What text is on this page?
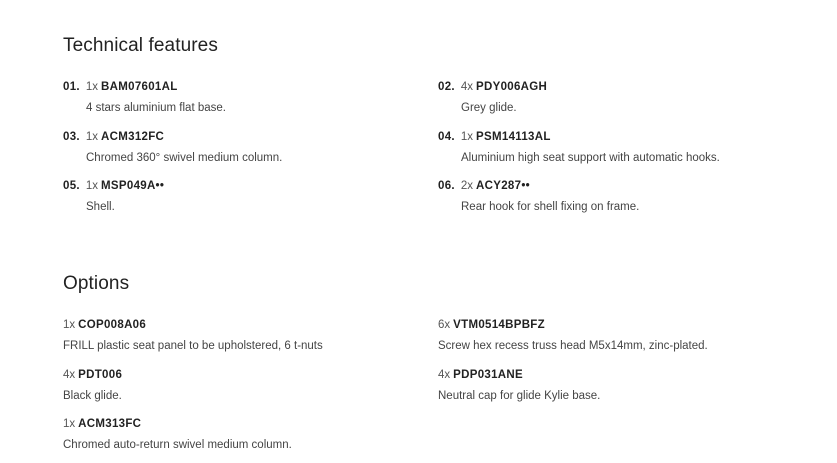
Technical features
01. 1x BAM07601AL
4 stars aluminium flat base.
02. 4x PDY006AGH
Grey glide.
03. 1x ACM312FC
Chromed 360° swivel medium column.
04. 1x PSM14113AL
Aluminium high seat support with automatic hooks.
05. 1x MSP049A••
Shell.
06. 2x ACY287••
Rear hook for shell fixing on frame.
Options
1x COP008A06
FRILL plastic seat panel to be upholstered, 6 t-nuts
6x VTM0514BPBFZ
Screw hex recess truss head M5x14mm, zinc-plated.
4x PDT006
Black glide.
4x PDP031ANE
Neutral cap for glide Kylie base.
1x ACM313FC
Chromed auto-return swivel medium column.
